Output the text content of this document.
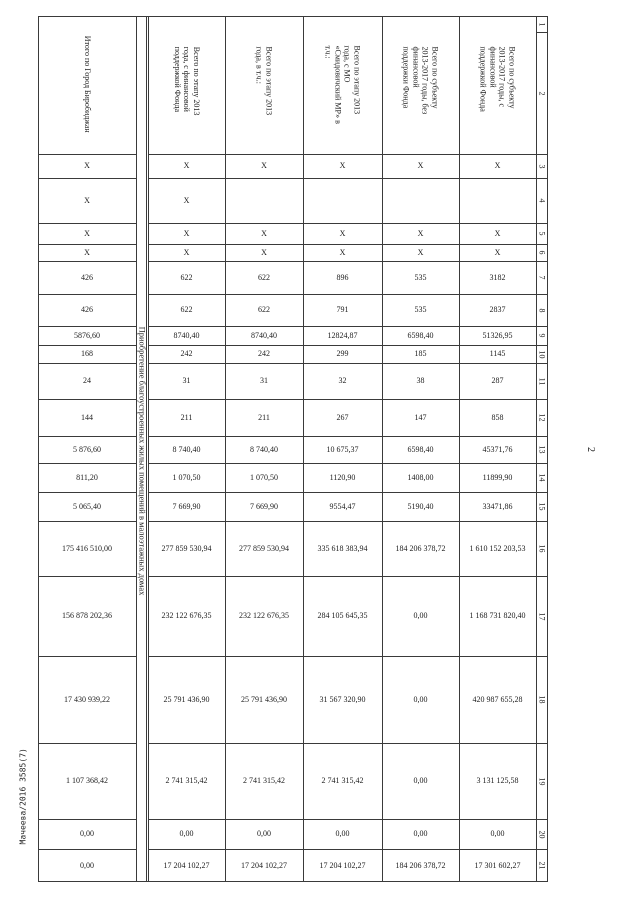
Итого по Город Биробиджан
X
X
X
X
426
426
5876,60
168
24
144
5 876,60
811,20
5 065,40
175 416 510,00
156 878 202,36
17 430 939,22
1 107 368,42
0,00
0,00
Всего по этапу 2013 года, с финансовой поддержкой Фонда
X
X
X
X
622
622
8740,40
242
31
211
8 740,40
1 070,50
7 669,90
277 859 530,94
232 122 676,35
25 791 436,90
2 741 315,42
0,00
17 204 102,27
Всего по этапу 2013 года, в т.ч.:
X
X
X
622
622
8740,40
242
31
211
8 740,40
1 070,50
7 669,90
277 859 530,94
232 122 676,35
25 791 436,90
2 741 315,42
0,00
17 204 102,27
Всего по этапу 2013 года, с МО «Смидовичский МР» в т.ч.:
X
X
X
896
791
12824,87
299
32
267
10 675,37
1120,90
9554,47
335 618 383,94
284 105 645,35
31 567 320,90
2 741 315,42
0,00
17 204 102,27
Всего по субъекту 2013-2017 годы, без финансовой поддержки Фонда
X
X
X
535
535
6598,40
185
38
147
6598,40
1408,00
5190,40
184 206 378,72
0,00
0,00
0,00
0,00
184 206 378,72
Всего по субъекту 2013-2017 годы, с финансовой поддержкой Фонда
X
X
X
3182
2837
51326,95
1145
287
858
45371,76
11899,90
33471,86
1 610 152 203,53
1 168 731 820,40
420 987 655,28
3 131 125,58
0,00
17 301 602,27
Приобретение благоустроенных жилых помещений в малоэтажных домах
1
2
3
4
5
6
7
8
9
10
11
12
13
14
15
16
17
18
19
20
21
2
Мачеева/2016 3585(7)
